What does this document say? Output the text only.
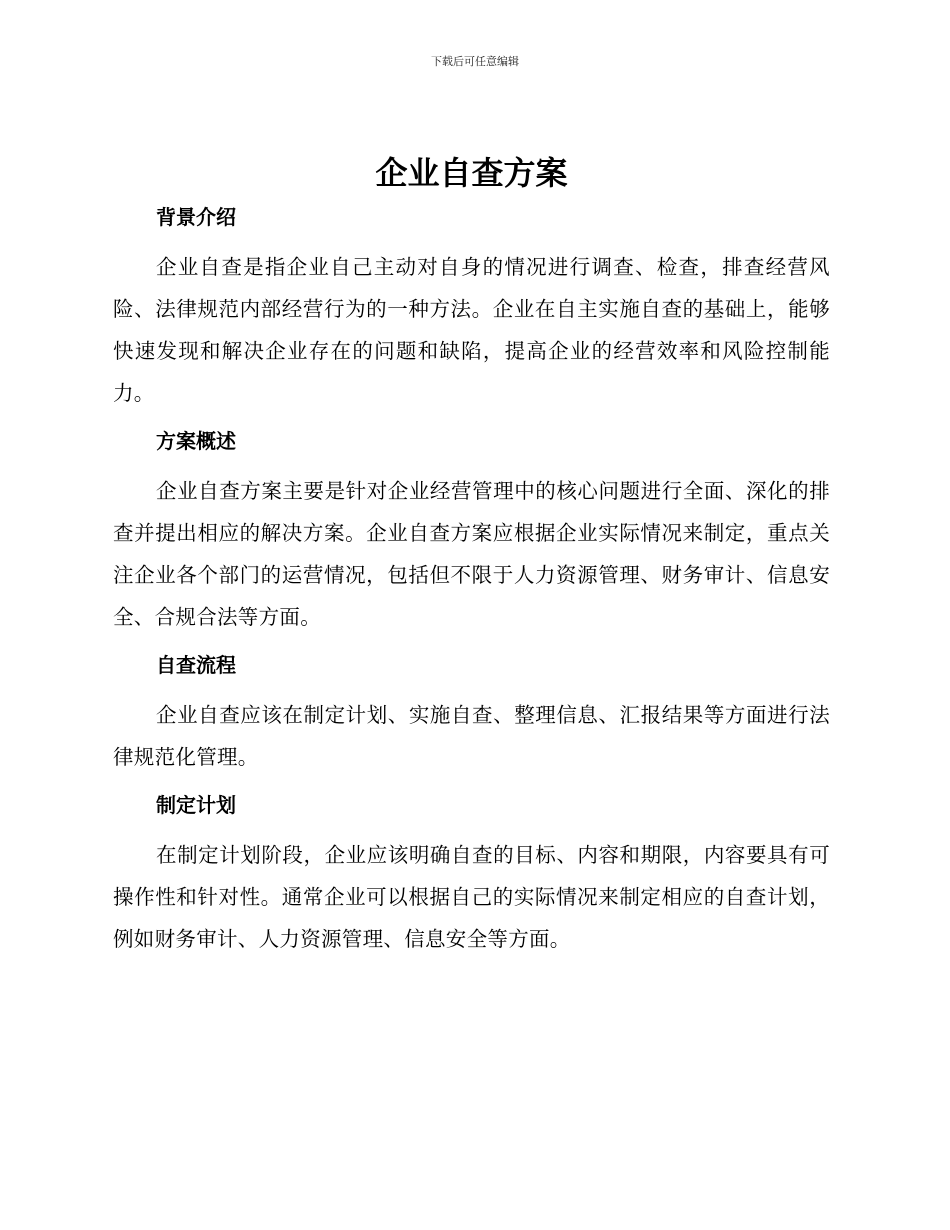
下载后可任意编辑

企业自查方案
背景介绍

企业自查是指企业自己主动对自身的情况进行调查、检查，排查经营风险、法律规范内部经营行为的一种方法。企业在自主实施自查的基础上，能够快速发现和解决企业存在的问题和缺陷，提高企业的经营效率和风险控制能力。

方案概述

企业自查方案主要是针对企业经营管理中的核心问题进行全面、深化的排查并提出相应的解决方案。企业自查方案应根据企业实际情况来制定，重点关注企业各个部门的运营情况，包括但不限于人力资源管理、财务审计、信息安全、合规合法等方面。

自查流程

企业自查应该在制定计划、实施自查、整理信息、汇报结果等方面进行法律规范化管理。

制定计划

在制定计划阶段，企业应该明确自查的目标、内容和期限，内容要具有可操作性和针对性。通常企业可以根据自己的实际情况来制定相应的自查计划，例如财务审计、人力资源管理、信息安全等方面。
